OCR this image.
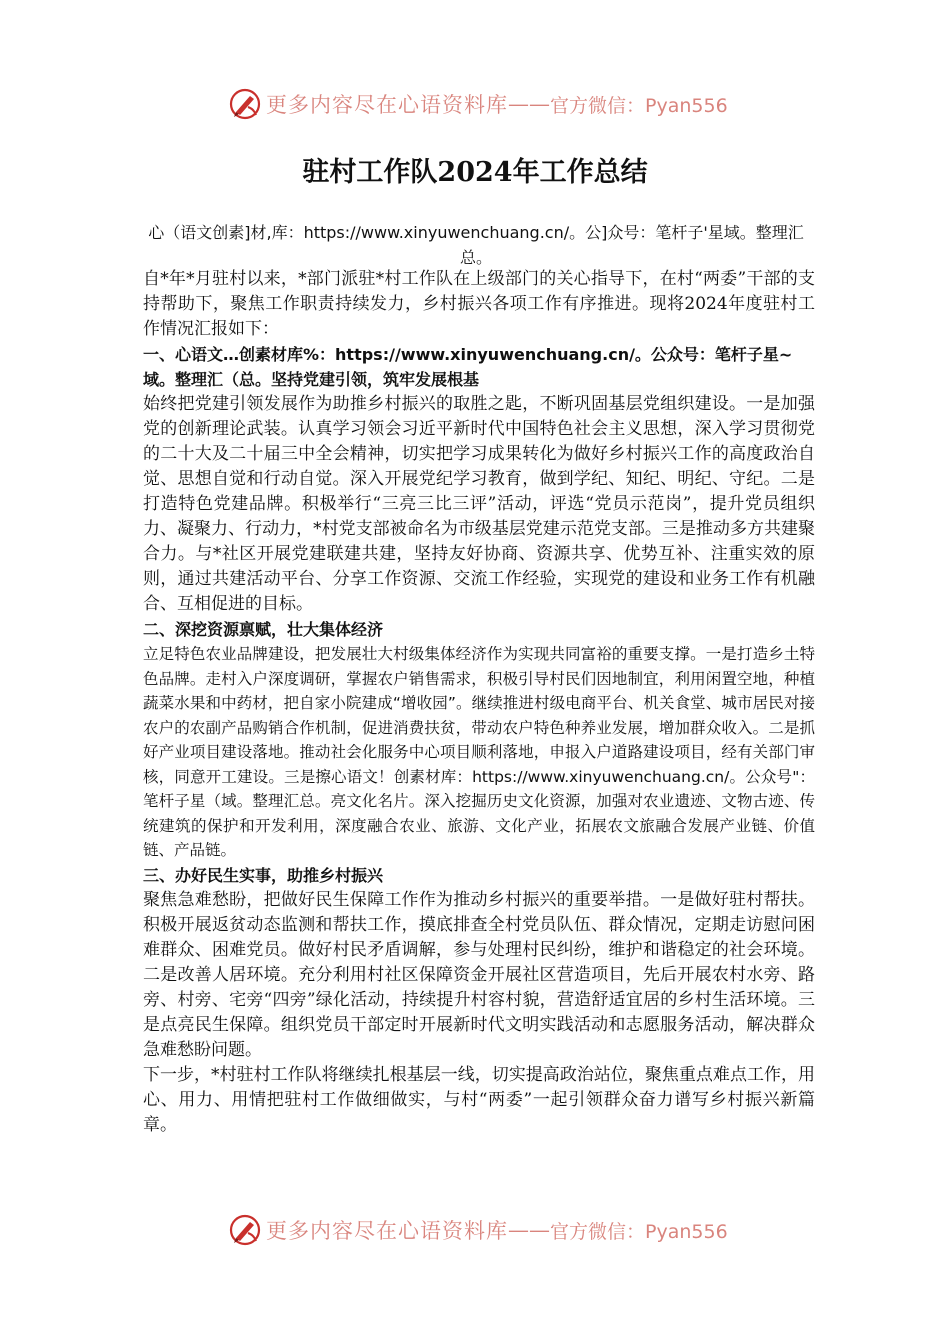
更多内容尽在心语资料库 —— 官方微信：Pyan556
驻村工作队2024年工作总结
心（语文创素]材,库：https://www.xinyuwenchuang.cn/。公]众号：笔杆子'星域。整理汇总。

自*年*月驻村以来，*部门派驻*村工作队在上级部门的关心指导下，在村“两委”干部的支持帮助下，聚焦工作职责持续发力，乡村振兴各项工作有序推进。现将2024年度驻村工作情况汇报如下：

一、心语文…创素材库%：https://www.xinyuwenchuang.cn/。公众号：笔杆子星~域。整理汇（总。坚持党建引领，筑牢发展根基

始终把党建引领发展作为助推乡村振兴的取胜之匙，不断巩固基层党组织建设。一是加强党的创新理论武装。认真学习领会习近平新时代中国特色社会主义思想，深入学习贯彻党的二十大及二十届三中全会精神，切实把学习成果转化为做好乡村振兴工作的高度政治自觉、思想自觉和行动自觉。深入开展党纪学习教育，做到学纪、知纪、明纪、守纪。二是打造特色党建品牌。积极举行“三亮三比三评”活动，评选“党员示范岗”，提升党员组织力、凝聚力、行动力，*村党支部被命名为市级基层党建示范党支部。三是推动多方共建聚合力。与*社区开展党建联建共建，坚持友好协商、资源共享、优势互补、注重实效的原则，通过共建活动平台、分享工作资源、交流工作经验，实现党的建设和业务工作有机融合、互相促进的目标。

二、深挖资源禀赋，壮大集体经济

立足特色农业品牌建设，把发展壮大村级集体经济作为实现共同富裕的重要支撑。一是打造乡土特色品牌。走村入户深度调研，掌握农户销售需求，积极引导村民们因地制宜，利用闲置空地，种植蔬菜水果和中药材，把自家小院建成“增收园”。继续推进村级电商平台、机关食堂、城市居民对接农户的农副产品购销合作机制，促进消费扶贫，带动农户特色种养业发展，增加群众收入。二是抓好产业项目建设落地。推动社会化服务中心项目顺利落地，申报入户道路建设项目，经有关部门审核，同意开工建设。三是擦心语文！创素材库：https://www.xinyuwenchuang.cn/。公众号"：笔杆子星（域。整理汇总。亮文化名片。深入挖掘历史文化资源，加强对农业遗迹、文物古迹、传统建筑的保护和开发利用，深度融合农业、旅游、文化产业，拓展农文旅融合发展产业链、价值链、产品链。

三、办好民生实事，助推乡村振兴

聚焦急难愁盼，把做好民生保障工作作为推动乡村振兴的重要举措。一是做好驻村帮扶。积极开展返贫动态监测和帮扶工作，摸底排查全村党员队伍、群众情况，定期走访慰问困难群众、困难党员。做好村民矛盾调解，参与处理村民纠纷，维护和谐稳定的社会环境。二是改善人居环境。充分利用村社区保障资金开展社区营造项目，先后开展农村水旁、路旁、村旁、宅旁“四旁”绿化活动，持续提升村容村貌，营造舒适宜居的乡村生活环境。三是点亮民生保障。组织党员干部定时开展新时代文明实践活动和志愿服务活动，解决群众急难愁盼问题。

下一步，*村驻村工作队将继续扎根基层一线，切实提高政治站位，聚焦重点难点工作，用心、用力、用情把驻村工作做细做实，与村“两委”一起引领群众奋力谱写乡村振兴新篇章。

更多内容尽在心语资料库 —— 官方微信：Pyan556
